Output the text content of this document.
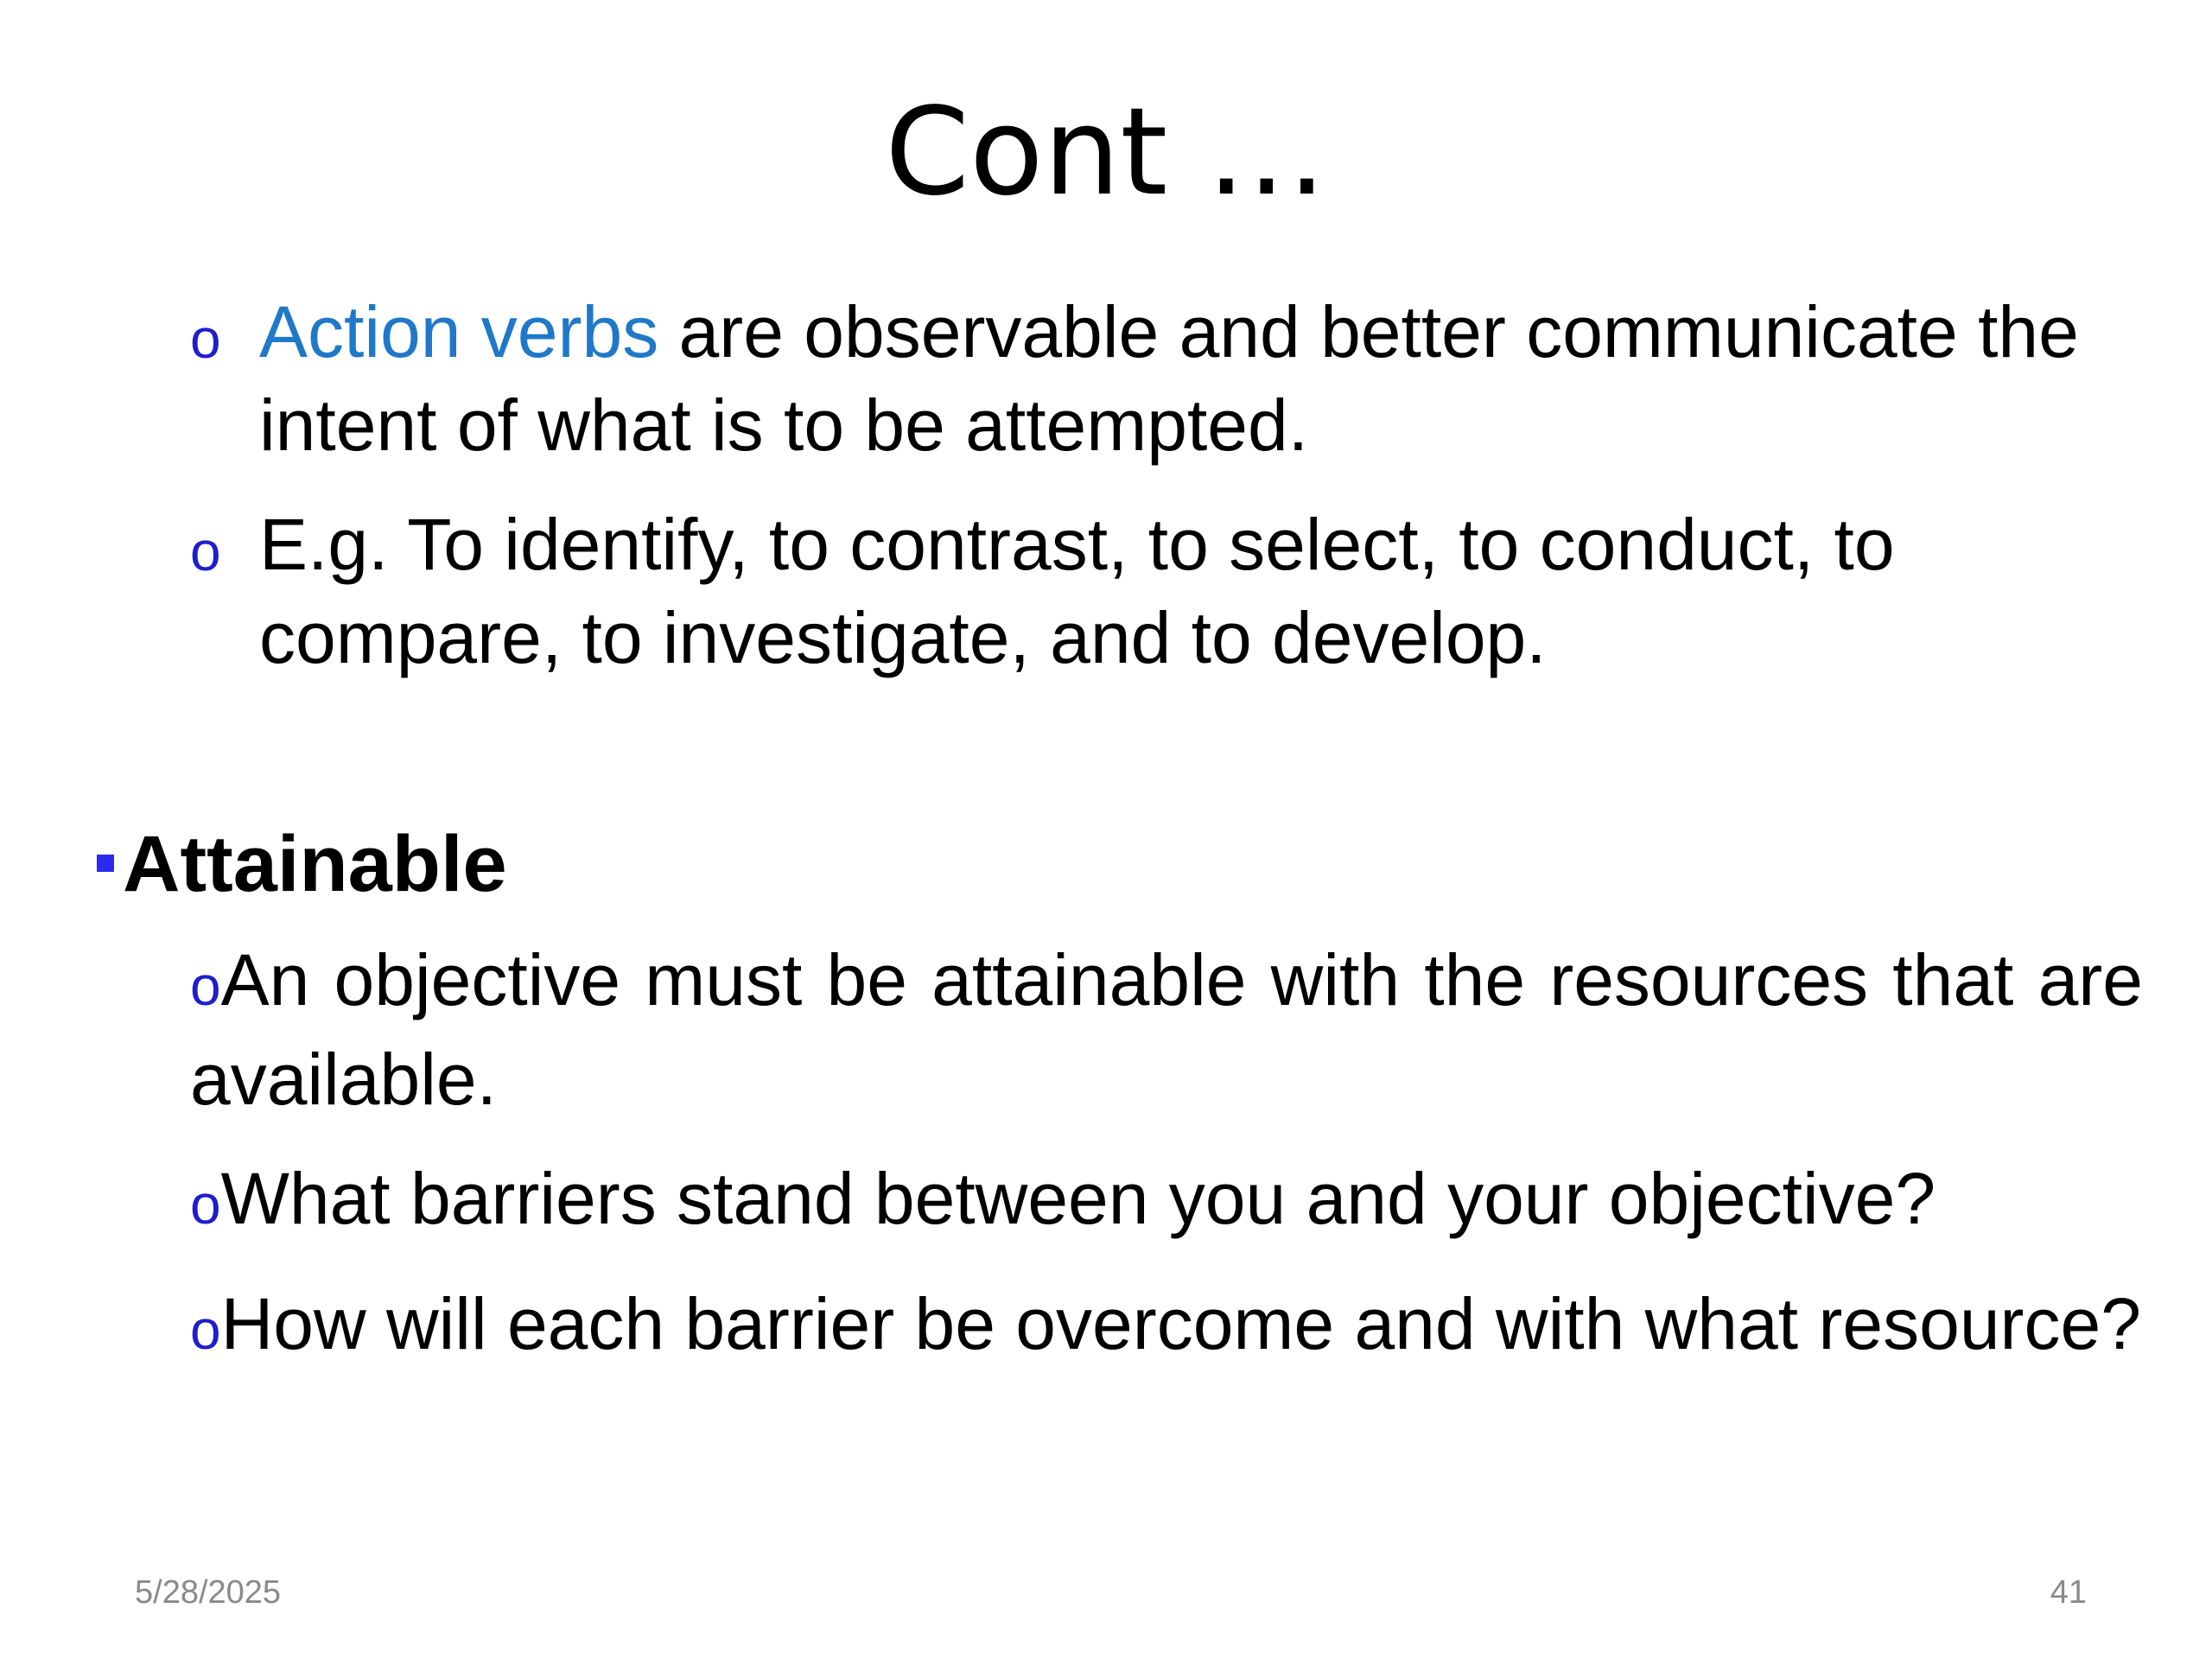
Cont …
o Action verbs are observable and better communicate the intent of what is to be attempted.
o E.g. To identify, to contrast, to select, to conduct, to compare, to investigate, and to develop.
Attainable
oAn objective must be attainable with the resources that are available.
oWhat barriers stand between you and your objective?
oHow will each barrier be overcome and with what resource?
5/28/2025	41
